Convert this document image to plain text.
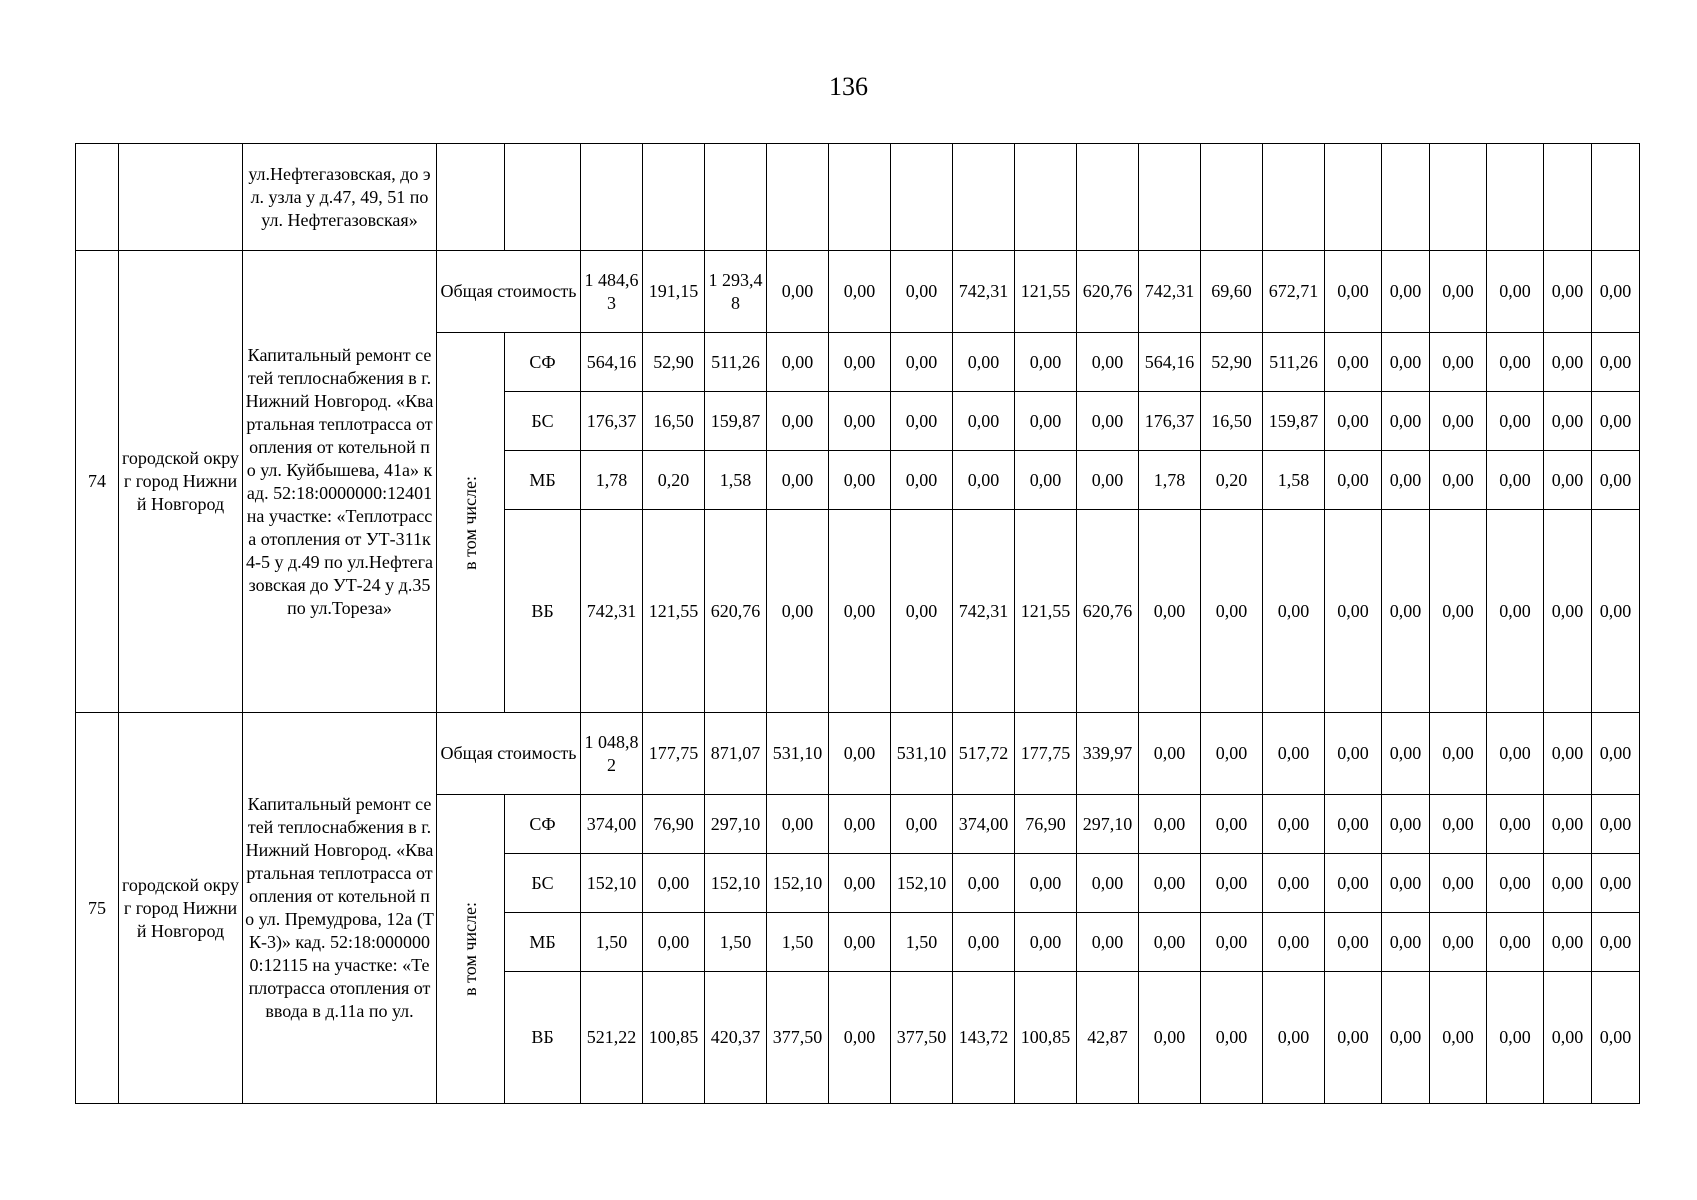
136
		ул.Нефтегазовская, до эл. узла у д.47, 49, 51 по ул. Нефтегазовская»																				
74	городской округ город Нижний Новгород	Капитальный ремонт сетей теплоснабжения в г.Нижний Новгород. «Квартальная теплотрасса отопления от котельной по ул. Куйбышева, 41а» кад. 52:18:0000000:12401 на участке: «Теплотрасса отопления от УТ-311к4-5 у д.49 по ул.Нефтегазовская до УТ-24 у д.35 по ул.Тореза»	Общая стоимость		1 484,63	191,15	1 293,48	0,00	0,00	0,00	742,31	121,55	620,76	742,31	69,60	672,71	0,00	0,00	0,00	0,00	0,00	0,00

			в том числе:	СФ	564,16	52,90	511,26	0,00	0,00	0,00	0,00	0,00	0,00	564,16	52,90	511,26	0,00	0,00	0,00	0,00	0,00	0,00
				БС	176,37	16,50	159,87	0,00	0,00	0,00	0,00	0,00	0,00	176,37	16,50	159,87	0,00	0,00	0,00	0,00	0,00	0,00
				МБ	1,78	0,20	1,58	0,00	0,00	0,00	0,00	0,00	0,00	1,78	0,20	1,58	0,00	0,00	0,00	0,00	0,00	0,00
				ВБ	742,31	121,55	620,76	0,00	0,00	0,00	742,31	121,55	620,76	0,00	0,00	0,00	0,00	0,00	0,00	0,00	0,00	0,00
75	городской округ город Нижний Новгород	Капитальный ремонт сетей теплоснабжения в г.Нижний Новгород. «Квартальная теплотрасса отопления от котельной по ул. Премудрова, 12а (ТК-3)» кад. 52:18:0000000:12115 на участке: «Теплотрасса отопления от ввода в д.11а по ул.	Общая стоимость		1 048,82	177,75	871,07	531,10	0,00	531,10	517,72	177,75	339,97	0,00	0,00	0,00	0,00	0,00	0,00	0,00	0,00	0,00

			в том числе:	СФ	374,00	76,90	297,10	0,00	0,00	0,00	374,00	76,90	297,10	0,00	0,00	0,00	0,00	0,00	0,00	0,00	0,00	0,00
				БС	152,10	0,00	152,10	152,10	0,00	152,10	0,00	0,00	0,00	0,00	0,00	0,00	0,00	0,00	0,00	0,00	0,00	0,00
				МБ	1,50	0,00	1,50	1,50	0,00	1,50	0,00	0,00	0,00	0,00	0,00	0,00	0,00	0,00	0,00	0,00	0,00	0,00
				ВБ	521,22	100,85	420,37	377,50	0,00	377,50	143,72	100,85	42,87	0,00	0,00	0,00	0,00	0,00	0,00	0,00	0,00	0,00
